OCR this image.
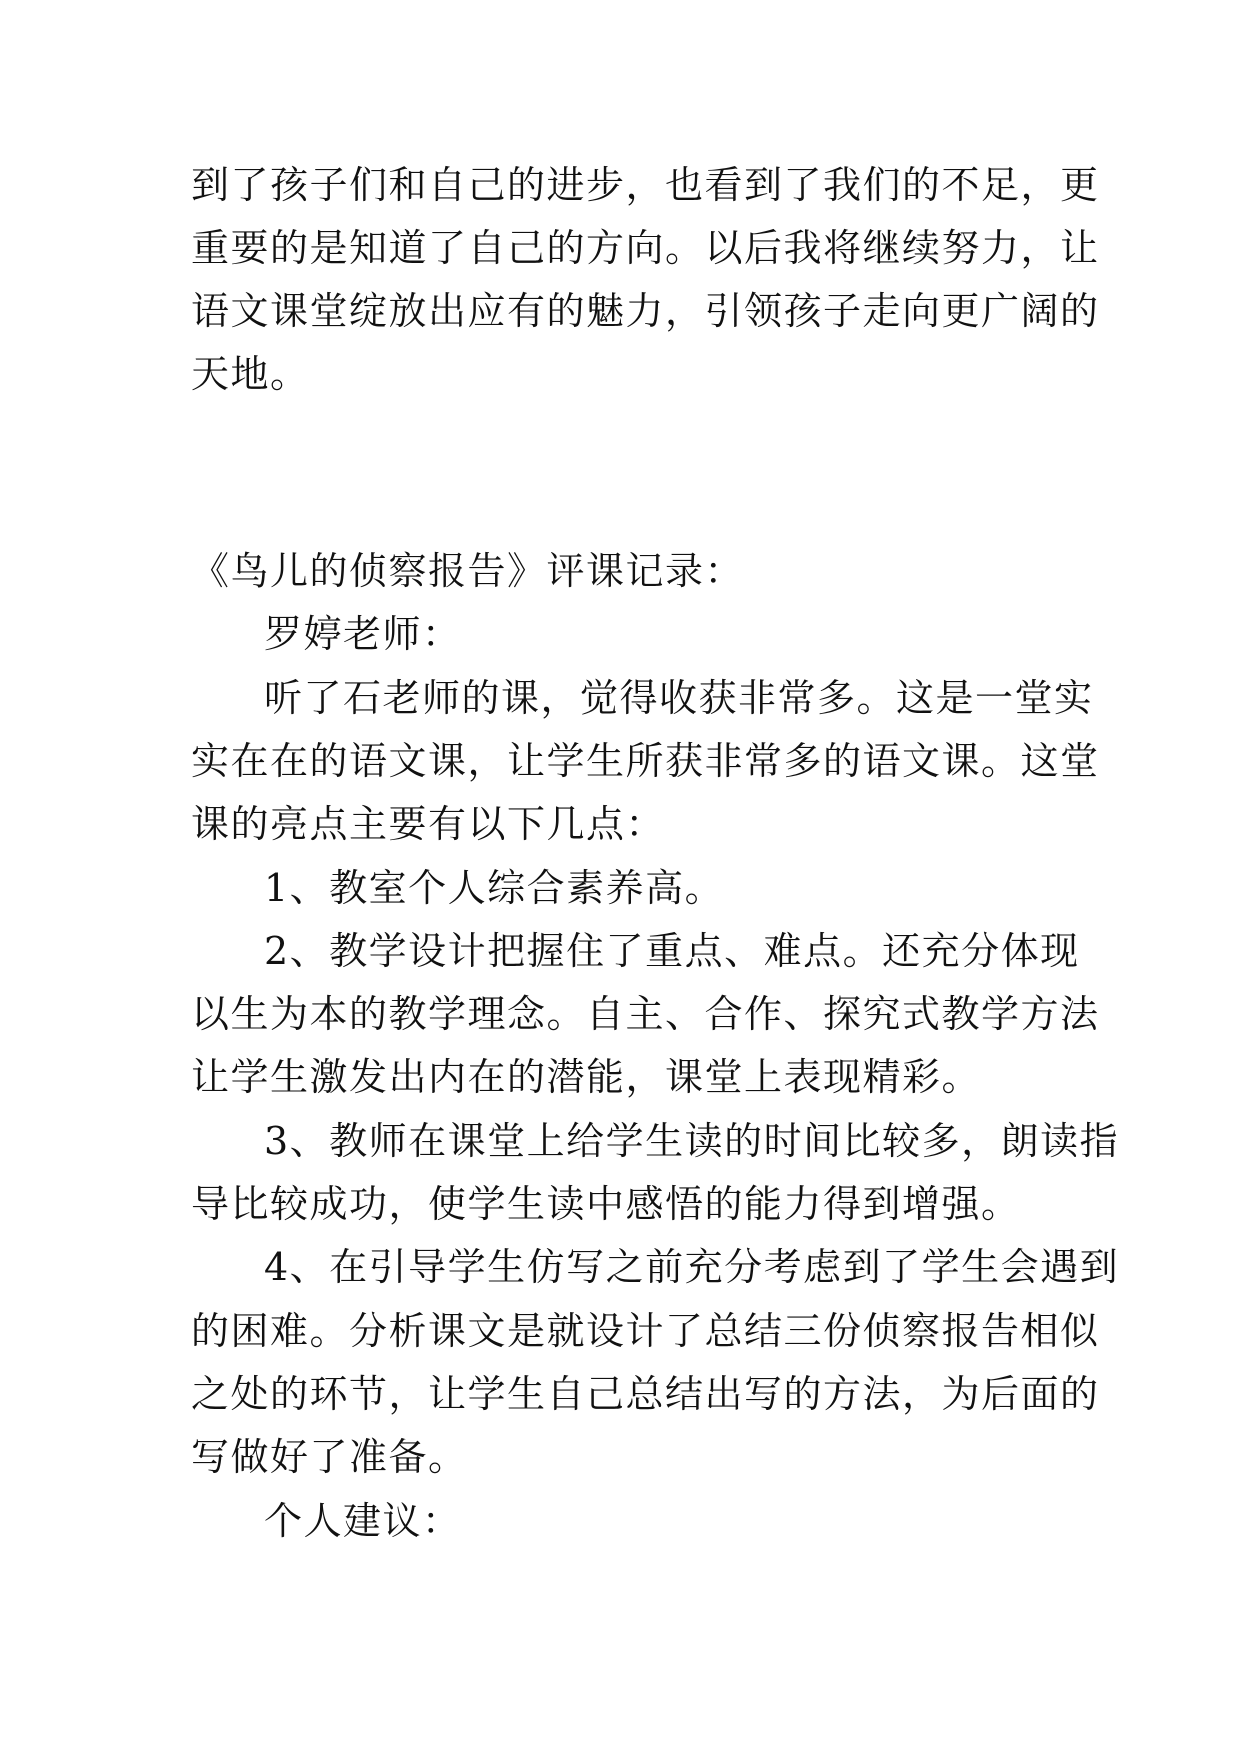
到了孩子们和自己的进步，也看到了我们的不足，更
重要的是知道了自己的方向。以后我将继续努力，让
语文课堂绽放出应有的魅力，引领孩子走向更广阔的
天地。
《鸟儿的侦察报告》评课记录：
罗婷老师：
听了石老师的课，觉得收获非常多。这是一堂实
实在在的语文课，让学生所获非常多的语文课。这堂
课的亮点主要有以下几点：
1、教室个人综合素养高。
2、教学设计把握住了重点、难点。还充分体现
以生为本的教学理念。自主、合作、探究式教学方法
让学生激发出内在的潜能，课堂上表现精彩。
3、教师在课堂上给学生读的时间比较多，朗读指
导比较成功，使学生读中感悟的能力得到增强。
4、在引导学生仿写之前充分考虑到了学生会遇到
的困难。分析课文是就设计了总结三份侦察报告相似
之处的环节，让学生自己总结出写的方法，为后面的
写做好了准备。
个人建议：
